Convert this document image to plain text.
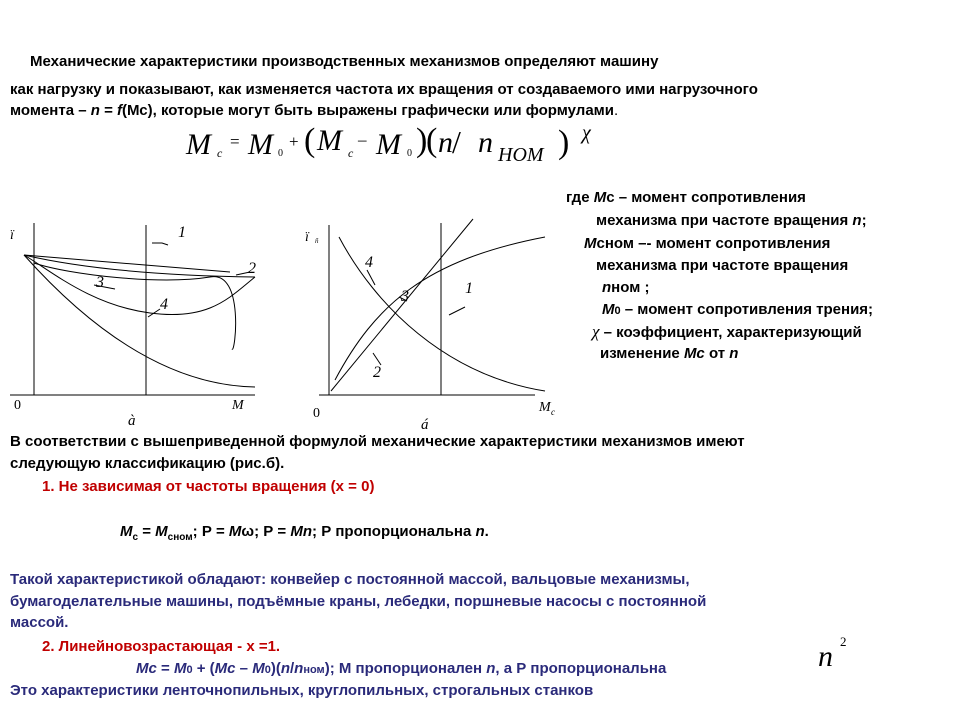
Механические характеристики производственных механизмов определяют машину
как нагрузку и показывают, как изменяется частота их вращения от создаваемого ими нагрузочного
момента – n = f(Мс), которые могут быть выражены графически или формулами.
M c
= M 0
+ ( M c
– M 0 )
( n / n НОМ ) χ
где Мс – момент сопротивления
механизма при частоте вращения n;
Мсном –- момент сопротивления
механизма при частоте вращения
nном ;
М0 – момент сопротивления трения;
χ – коэффициент, характеризующий
изменение Мс от n
ï
0	M
à
1
2
3
4
ï ñ
0	M c
á
1
2
3
4
В соответствии с вышеприведенной формулой механические характеристики механизмов имеют
следующую классификацию (рис.б).
1. Не зависимая от частоты вращения (х = 0)
$М_с = М_{сном}$; Р = Мω; Р = Мn; Р пропорциональна n.
Такой характеристикой обладают: конвейер с постоянной массой, вальцовые механизмы,
бумагоделательные машины, подъёмные краны, лебедки, поршневые насосы с постоянной
массой.
2. Линейновозрастающая - х =1.
Мс = М0 + (Мс – М0)(n/nном); М пропорционален n, а Р пропорциональна	n 2
Это характеристики ленточнопильных, круглопильных, строгальных станков
